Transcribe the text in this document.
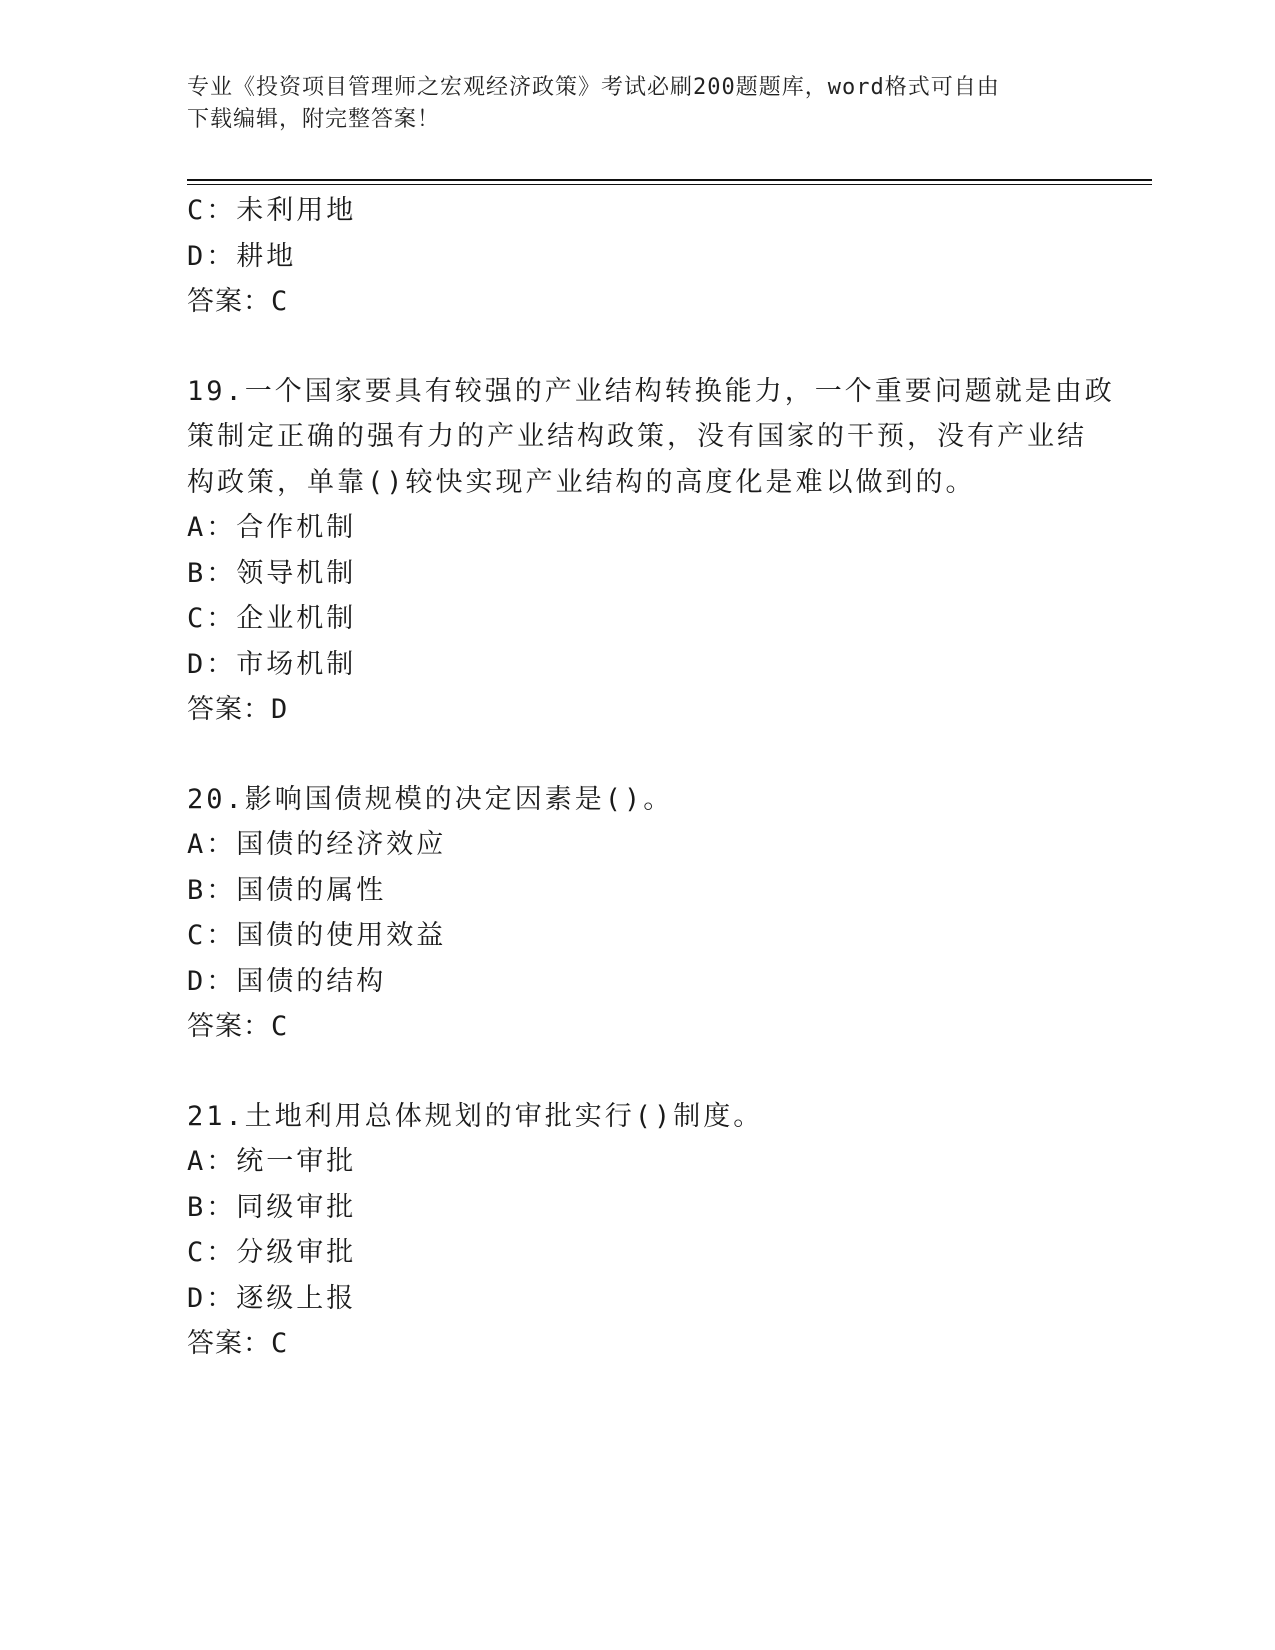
专业《投资项目管理师之宏观经济政策》考试必刷200题题库，word格式可自由
下载编辑，附完整答案！
C：未利用地
D：耕地
答案：C
19.一个国家要具有较强的产业结构转换能力，一个重要问题就是由政
策制定正确的强有力的产业结构政策，没有国家的干预，没有产业结
构政策，单靠()较快实现产业结构的高度化是难以做到的。
A：合作机制
B：领导机制
C：企业机制
D：市场机制
答案：D
20.影响国债规模的决定因素是()。
A：国债的经济效应
B：国债的属性
C：国债的使用效益
D：国债的结构
答案：C
21.土地利用总体规划的审批实行()制度。
A：统一审批
B：同级审批
C：分级审批
D：逐级上报
答案：C
